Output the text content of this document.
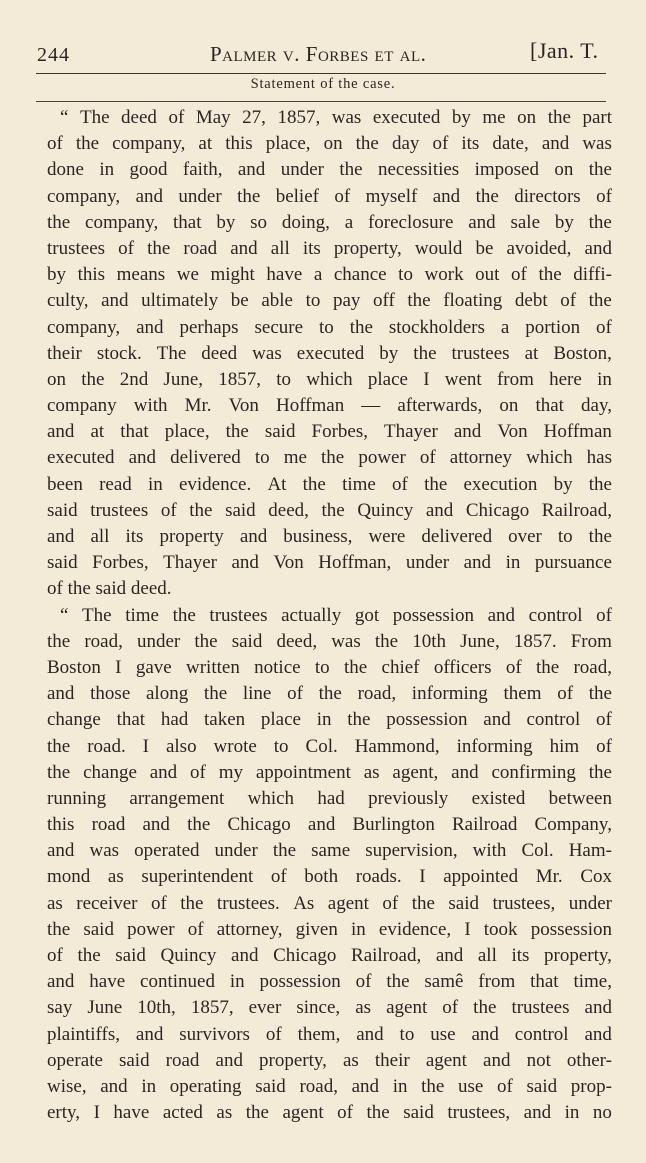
244	Palmer v. Forbes et al.	[Jan. T.
Statement of the case.
“ The deed of May 27, 1857, was executed by me on the part
of the company, at this place, on the day of its date, and was
done in good faith, and under the necessities imposed on the
company, and under the belief of myself and the directors of
the company, that by so doing, a foreclosure and sale by the
trustees of the road and all its property, would be avoided, and
by this means we might have a chance to work out of the diffi-
culty, and ultimately be able to pay off the floating debt of the
company, and perhaps secure to the stockholders a portion of
their stock. The deed was executed by the trustees at Boston,
on the 2nd June, 1857, to which place I went from here in
company with Mr. Von Hoffman — afterwards, on that day,
and at that place, the said Forbes, Thayer and Von Hoffman
executed and delivered to me the power of attorney which has
been read in evidence. At the time of the execution by the
said trustees of the said deed, the Quincy and Chicago Railroad,
and all its property and business, were delivered over to the
said Forbes, Thayer and Von Hoffman, under and in pursuance
of the said deed.
“ The time the trustees actually got possession and control of
the road, under the said deed, was the 10th June, 1857. From
Boston I gave written notice to the chief officers of the road,
and those along the line of the road, informing them of the
change that had taken place in the possession and control of
the road. I also wrote to Col. Hammond, informing him of
the change and of my appointment as agent, and confirming the
running arrangement which had previously existed between
this road and the Chicago and Burlington Railroad Company,
and was operated under the same supervision, with Col. Ham-
mond as superintendent of both roads. I appointed Mr. Cox
as receiver of the trustees. As agent of the said trustees, under
the said power of attorney, given in evidence, I took possession
of the said Quincy and Chicago Railroad, and all its property,
and have continued in possession of the samê from that time,
say June 10th, 1857, ever since, as agent of the trustees and
plaintiffs, and survivors of them, and to use and control and
operate said road and property, as their agent and not other-
wise, and in operating said road, and in the use of said prop-
erty, I have acted as the agent of the said trustees, and in no
